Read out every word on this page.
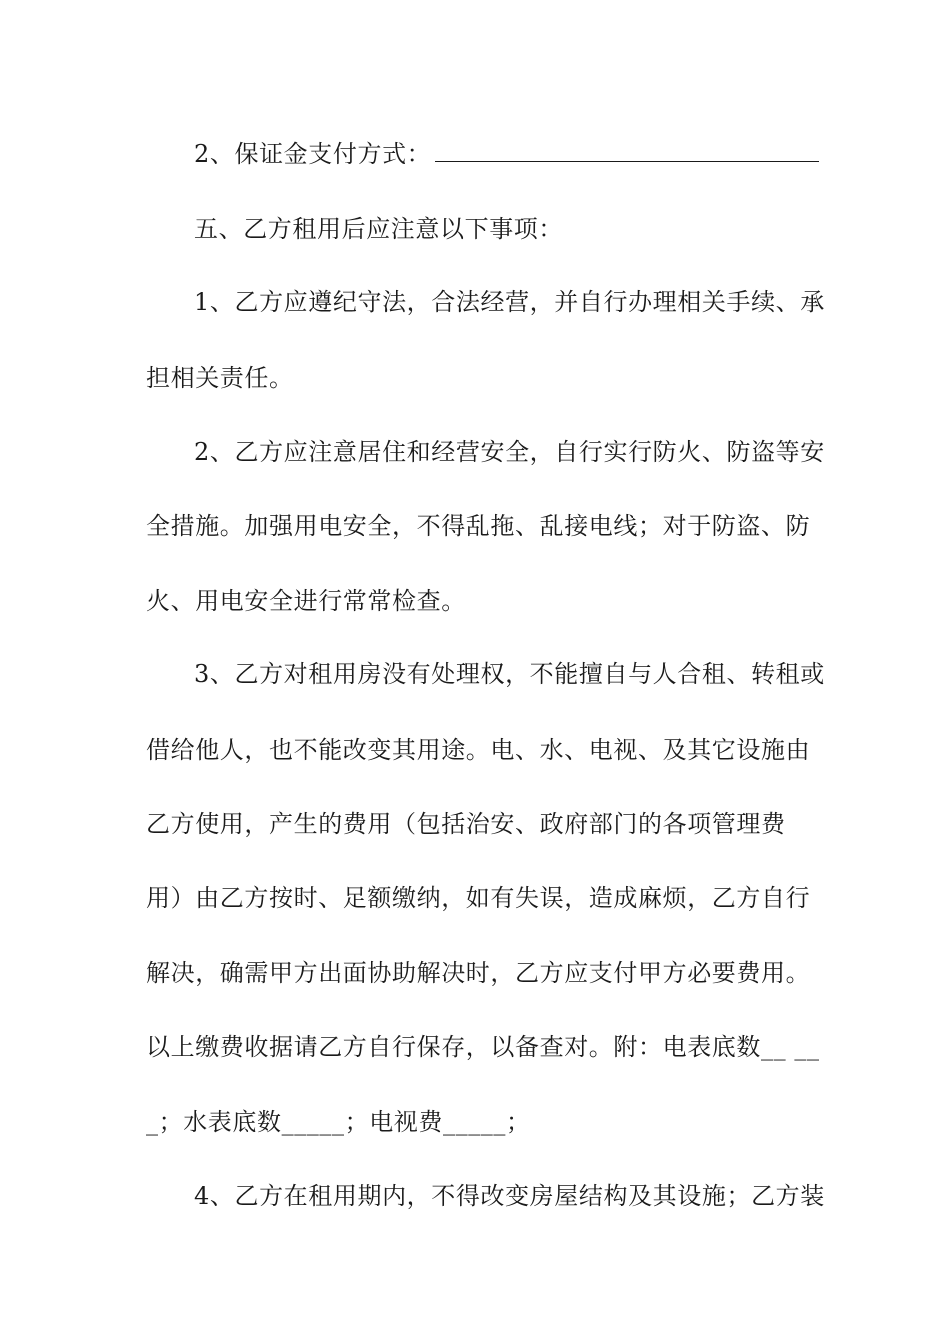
2、保证金支付方式：
五、乙方租用后应注意以下事项：
1、乙方应遵纪守法，合法经营，并自行办理相关手续、承
担相关责任。
2、乙方应注意居住和经营安全，自行实行防火、防盗等安
全措施。加强用电安全，不得乱拖、乱接电线；对于防盗、防
火、用电安全进行常常检查。
3、乙方对租用房没有处理权，不能擅自与人合租、转租或
借给他人，也不能改变其用途。电、水、电视、及其它设施由
乙方使用，产生的费用（包括治安、政府部门的各项管理费
用）由乙方按时、足额缴纳，如有失误，造成麻烦，乙方自行
解决，确需甲方出面协助解决时，乙方应支付甲方必要费用。
以上缴费收据请乙方自行保存，以备查对。附：电表底数__ __
_；水表底数_____；电视费_____；
4、乙方在租用期内，不得改变房屋结构及其设施；乙方装
